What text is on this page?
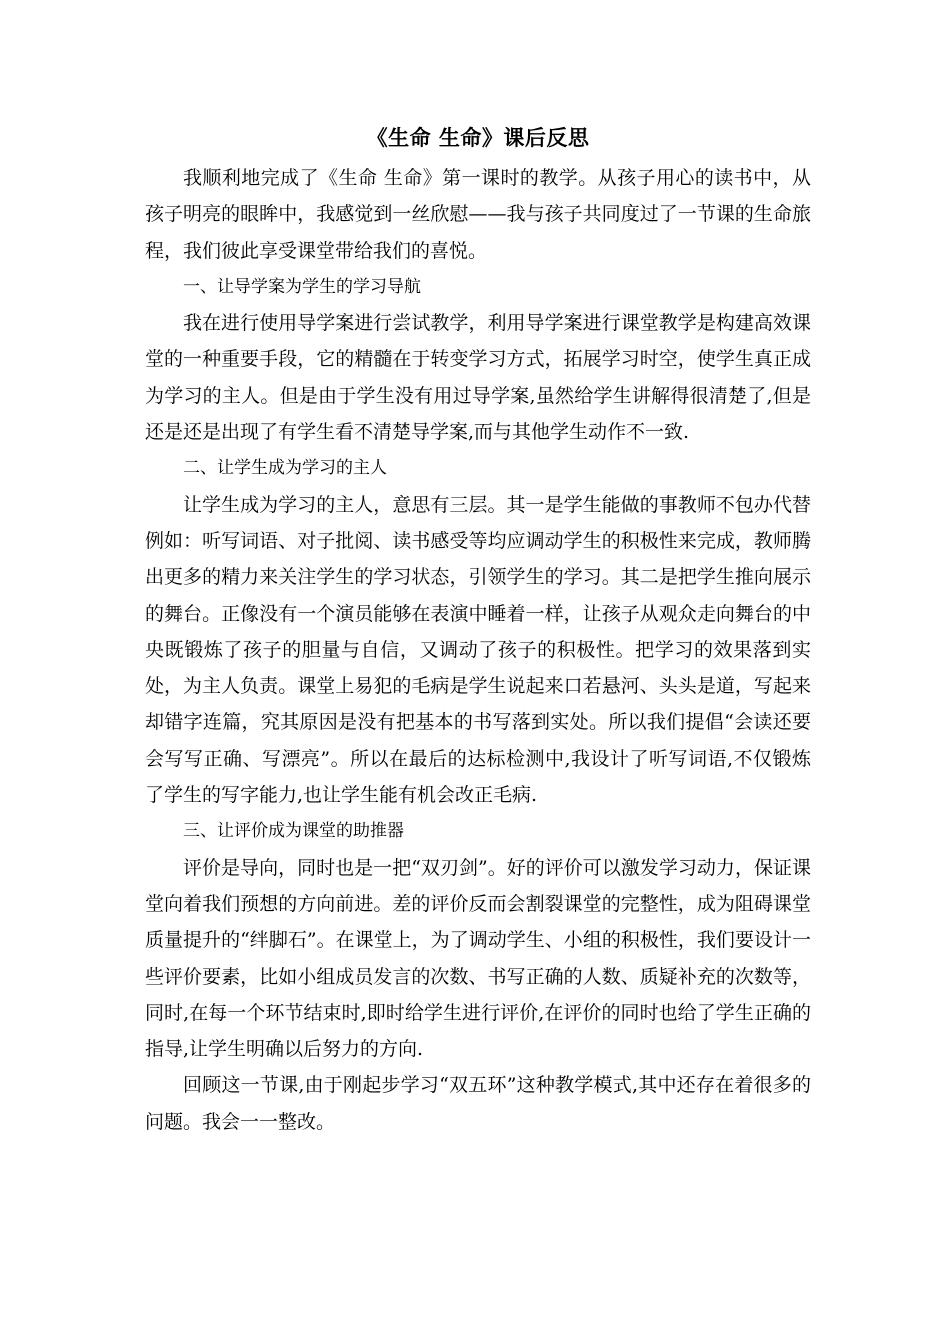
《生命 生命》课后反思

我顺利地完成了《生命 生命》第一课时的教学。从孩子用心的读书中，从孩子明亮的眼眸中，我感觉到一丝欣慰——我与孩子共同度过了一节课的生命旅程，我们彼此享受课堂带给我们的喜悦。

一、让导学案为学生的学习导航

我在进行使用导学案进行尝试教学，利用导学案进行课堂教学是构建高效课堂的一种重要手段，它的精髓在于转变学习方式，拓展学习时空，使学生真正成为学习的主人。但是由于学生没有用过导学案,虽然给学生讲解得很清楚了,但是还是还是出现了有学生看不清楚导学案,而与其他学生动作不一致.

二、让学生成为学习的主人

让学生成为学习的主人，意思有三层。其一是学生能做的事教师不包办代替例如：听写词语、对子批阅、读书感受等均应调动学生的积极性来完成，教师腾出更多的精力来关注学生的学习状态，引领学生的学习。其二是把学生推向展示的舞台。正像没有一个演员能够在表演中睡着一样，让孩子从观众走向舞台的中央既锻炼了孩子的胆量与自信，又调动了孩子的积极性。把学习的效果落到实处，为主人负责。课堂上易犯的毛病是学生说起来口若悬河、头头是道，写起来却错字连篇，究其原因是没有把基本的书写落到实处。所以我们提倡“会读还要会写写正确、写漂亮”。所以在最后的达标检测中,我设计了听写词语,不仅锻炼了学生的写字能力,也让学生能有机会改正毛病.

三、让评价成为课堂的助推器

评价是导向，同时也是一把“双刃剑”。好的评价可以激发学习动力，保证课堂向着我们预想的方向前进。差的评价反而会割裂课堂的完整性，成为阻碍课堂质量提升的“绊脚石”。在课堂上，为了调动学生、小组的积极性，我们要设计一些评价要素，比如小组成员发言的次数、书写正确的人数、质疑补充的次数等，同时,在每一个环节结束时,即时给学生进行评价,在评价的同时也给了学生正确的指导,让学生明确以后努力的方向.

回顾这一节课,由于刚起步学习“双五环”这种教学模式,其中还存在着很多的问题。我会一一整改。
